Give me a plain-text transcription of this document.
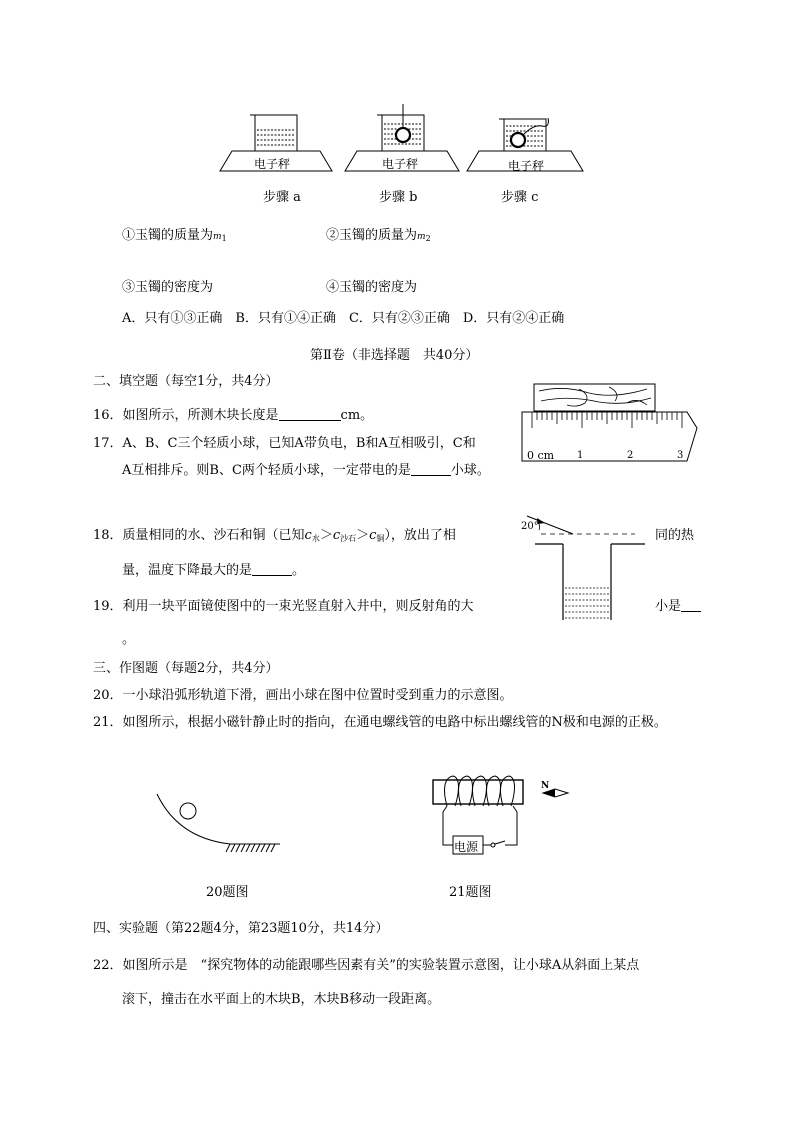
电子秤	电子秤	电子秤
步骤 a	步骤 b	步骤 c
①玉镯的质量为$m_1$	②玉镯的质量为$m_2$
③玉镯的密度为	④玉镯的密度为
A．只有①③正确　B．只有①④正确　C．只有②③正确　D．只有②④正确
第Ⅱ卷（非选择题　共40分）
二、填空题（每空1分，共4分）
16．如图所示，所测木块长度是	cm。
17．A、B、C三个轻质小球，已知A带负电，B和A互相吸引，C和
A互相排斥。则B、C两个轻质小球，一定带电的是	小球。
0 cm 1	2	3
18．质量相同的水、沙石和铜（已知$c_水>c_{沙石}>c_铜$），放出了相	同的热
量，温度下降最大的是	。
20°
19．利用一块平面镜使图中的一束光竖直射入井中，则反射角的大	小是
。
三、作图题（每题2分，共4分）
20．一小球沿弧形轨道下滑，画出小球在图中位置时受到重力的示意图。
21．如图所示，根据小磁针静止时的指向，在通电螺线管的电路中标出螺线管的N极和电源的正极。
20题图
N
电源
21题图
四、实验题（第22题4分，第23题10分，共14分）
22．如图所示是　“探究物体的动能跟哪些因素有关”的实验装置示意图，让小球A从斜面上某点
滚下，撞击在水平面上的木块B，木块B移动一段距离。
